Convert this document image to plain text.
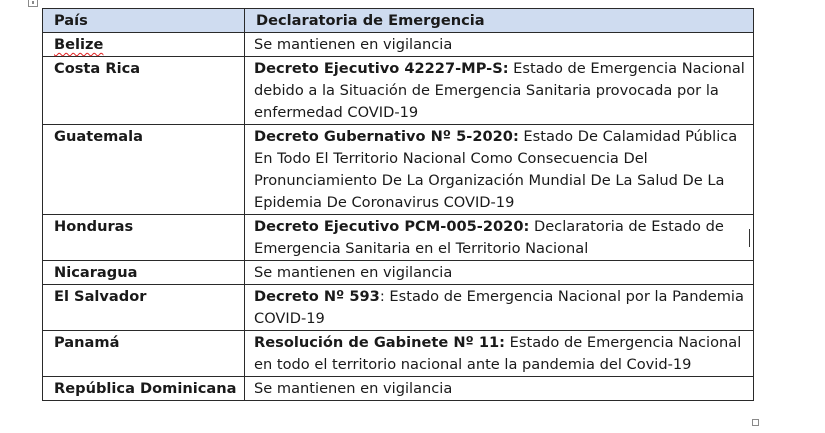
País	Declaratoria de Emergencia
Belize	Se mantienen en vigilancia
Costa Rica	Decreto Ejecutivo 42227-MP-S: Estado de Emergencia Nacional debido a la Situación de Emergencia Sanitaria provocada por la enfermedad COVID-19
Guatemala	Decreto Gubernativo Nº 5-2020: Estado De Calamidad Pública En Todo El Territorio Nacional Como Consecuencia Del Pronunciamiento De La Organización Mundial De La Salud De La Epidemia De Coronavirus COVID-19
Honduras	Decreto Ejecutivo PCM-005-2020: Declaratoria de Estado de Emergencia Sanitaria en el Territorio Nacional
Nicaragua	Se mantienen en vigilancia
El Salvador	Decreto Nº 593: Estado de Emergencia Nacional por la Pandemia COVID-19
Panamá	Resolución de Gabinete Nº 11: Estado de Emergencia Nacional en todo el territorio nacional ante la pandemia del Covid-19
República Dominicana	Se mantienen en vigilancia
